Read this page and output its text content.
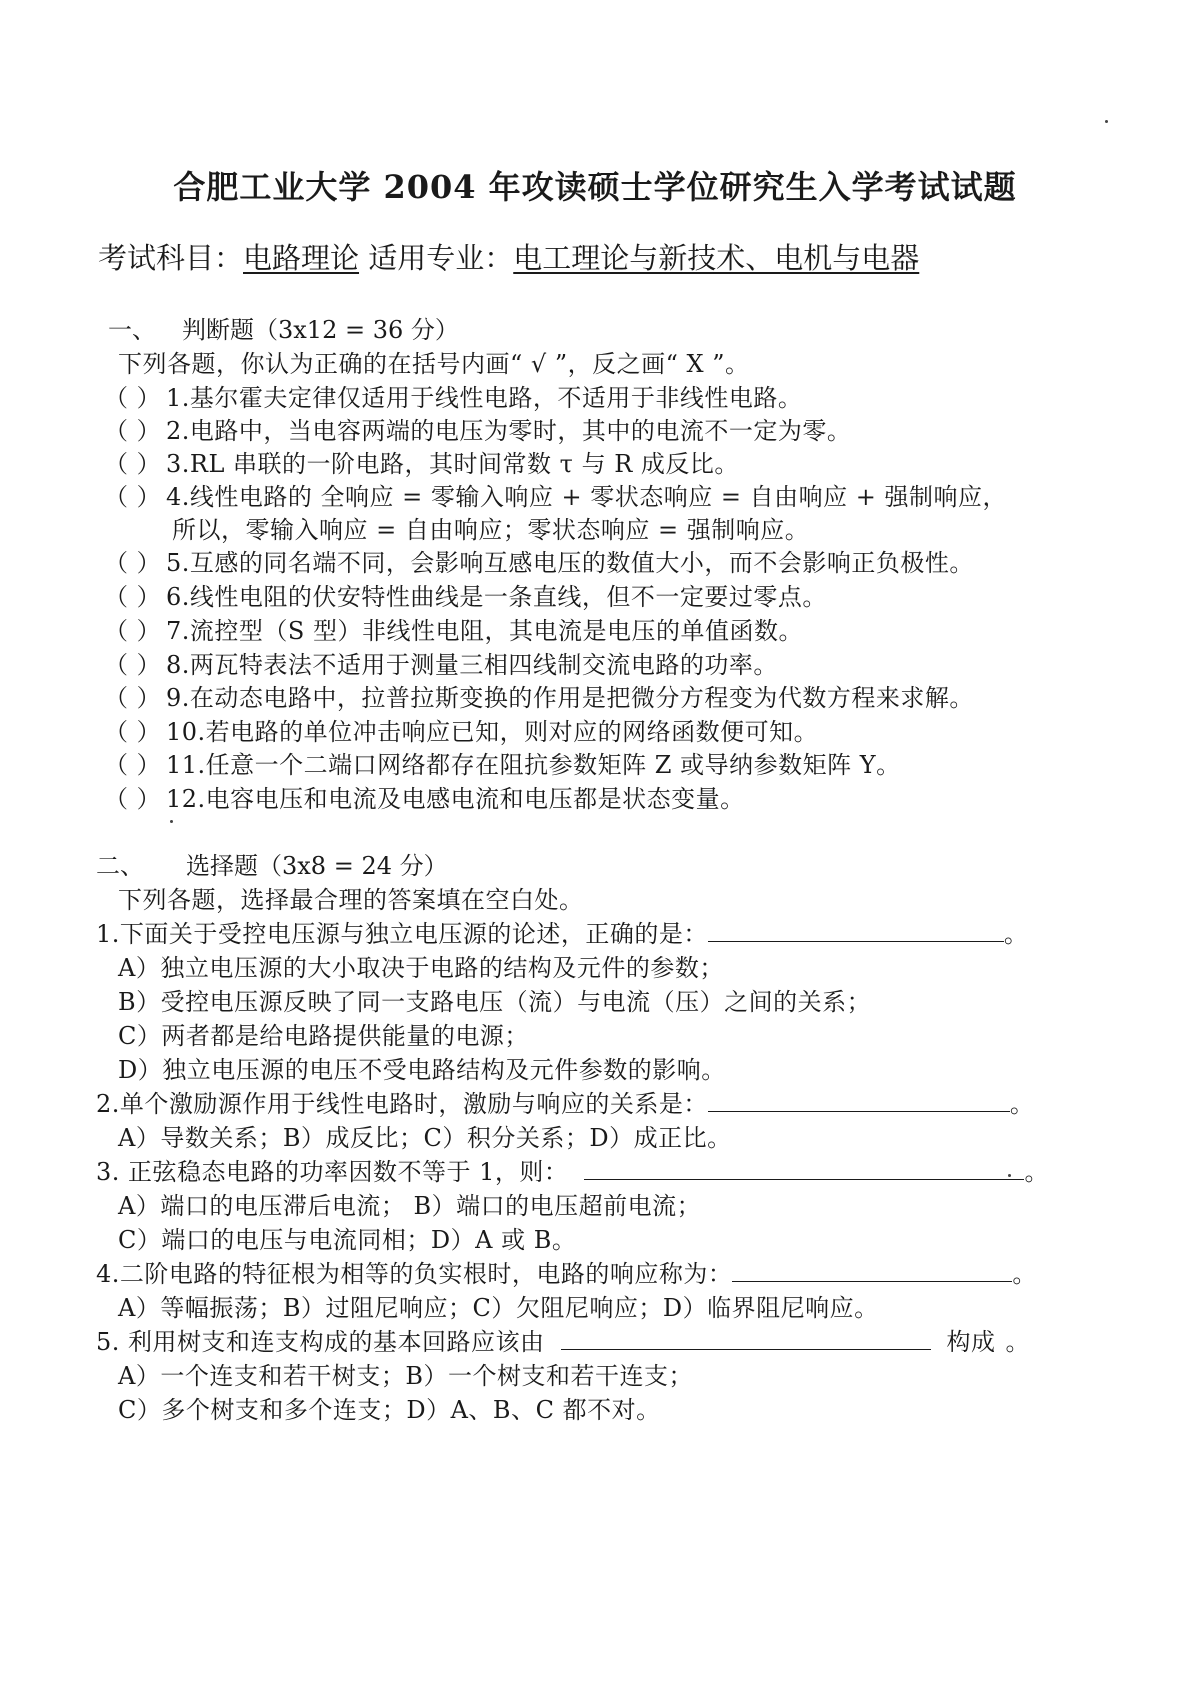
合肥工业大学 2004 年攻读硕士学位研究生入学考试试题
考试科目：电路理论 适用专业：电工理论与新技术、电机与电器
一、 判断题（3x12 = 36 分）
下列各题，你认为正确的在括号内画“ √ ”，反之画“ X ”。
（ ） 1.基尔霍夫定律仅适用于线性电路，不适用于非线性电路。
（ ） 2.电路中，当电容两端的电压为零时，其中的电流不一定为零。
（ ） 3.RL 串联的一阶电路，其时间常数 τ 与 R 成反比。
（ ） 4.线性电路的 全响应 = 零输入响应 + 零状态响应 = 自由响应 + 强制响应，
所以，零输入响应 = 自由响应；零状态响应 = 强制响应。
（ ） 5.互感的同名端不同，会影响互感电压的数值大小，而不会影响正负极性。
（ ） 6.线性电阻的伏安特性曲线是一条直线，但不一定要过零点。
（ ） 7.流控型（S 型）非线性电阻，其电流是电压的单值函数。
（ ） 8.两瓦特表法不适用于测量三相四线制交流电路的功率。
（ ） 9.在动态电路中，拉普拉斯变换的作用是把微分方程变为代数方程来求解。
（ ） 10.若电路的单位冲击响应已知，则对应的网络函数便可知。
（ ） 11.任意一个二端口网络都存在阻抗参数矩阵 Z 或导纳参数矩阵 Y。
（ ） 12.电容电压和电流及电感电流和电压都是状态变量。
二、 选择题（3x8 = 24 分）
下列各题，选择最合理的答案填在空白处。
1.下面关于受控电压源与独立电压源的论述，正确的是：	。
A）独立电压源的大小取决于电路的结构及元件的参数；
B）受控电压源反映了同一支路电压（流）与电流（压）之间的关系；
C）两者都是给电路提供能量的电源；
D）独立电压源的电压不受电路结构及元件参数的影响。
2.单个激励源作用于线性电路时，激励与响应的关系是：	。
A）导数关系；B）成反比；C）积分关系；D）成正比。
3. 正弦稳态电路的功率因数不等于 1，则：	。
A）端口的电压滞后电流； B）端口的电压超前电流；
C）端口的电压与电流同相；D）A 或 B。
4.二阶电路的特征根为相等的负实根时，电路的响应称为：	。
A）等幅振荡；B）过阻尼响应；C）欠阻尼响应；D）临界阻尼响应。
5. 利用树支和连支构成的基本回路应该由	构成 。
A）一个连支和若干树支；B）一个树支和若干连支；
C）多个树支和多个连支；D）A、B、C 都不对。
